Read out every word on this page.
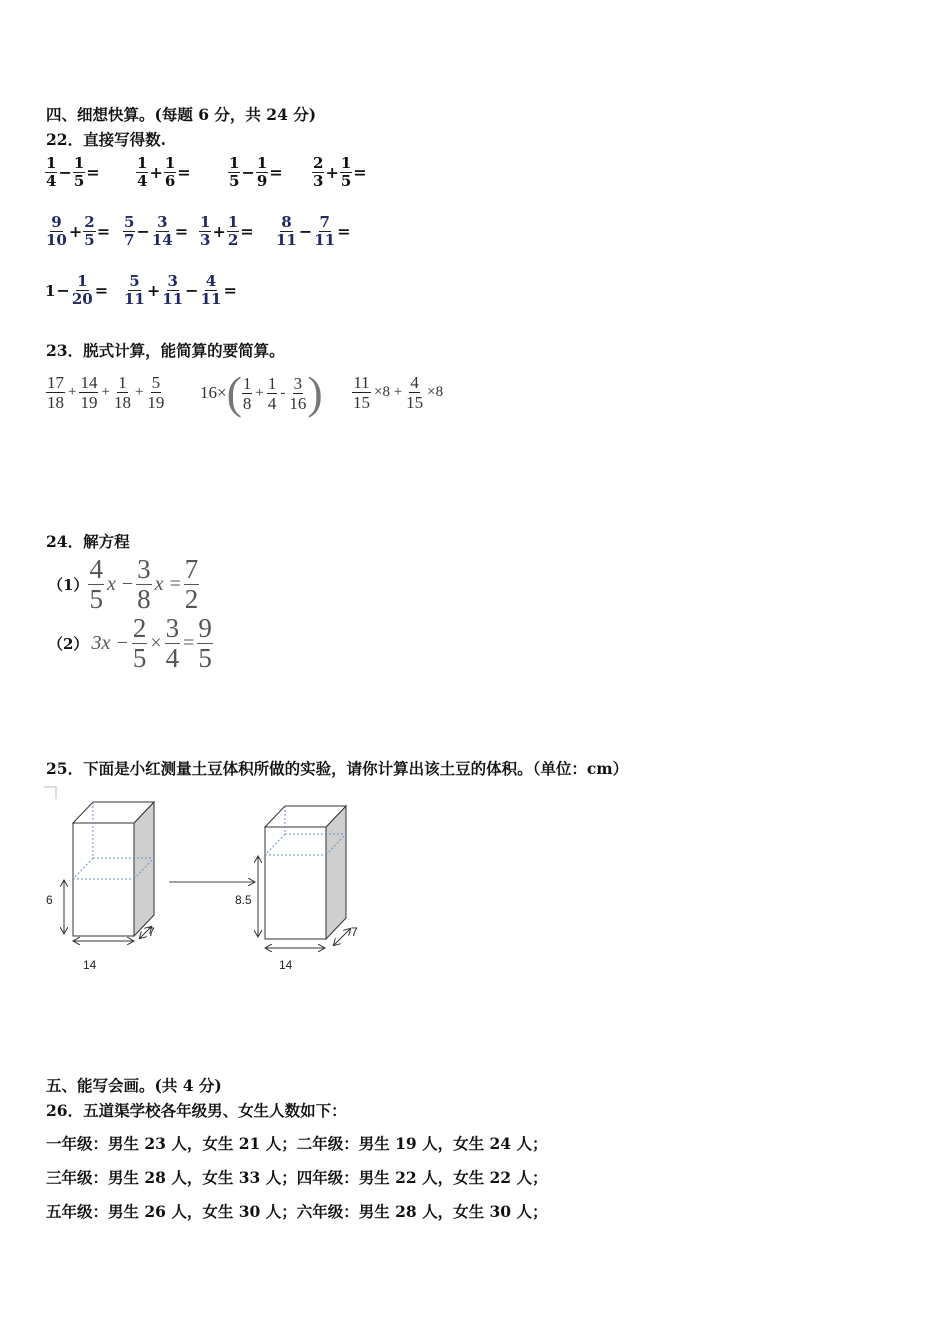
四、细想快算。(每题 6 分，共 24 分)
22．直接写得数.
$\frac{1}{4} - \frac{1}{5} = \frac{1}{4} + \frac{1}{6} = \frac{1}{5} - \frac{1}{9} = \frac{2}{3} + \frac{1}{5}$ =
$\frac{9}{10} + \frac{2}{5} = \frac{5}{7} - \frac{3}{14} = \frac{1}{3} + \frac{1}{2} = \frac{8}{11} - \frac{7}{11}$ =
$1 - \frac{1}{20} = \frac{5}{11} + \frac{3}{11} - \frac{4}{11}$ =
23．脱式计算，能简算的要简算。
$\frac{17}{18} + \frac{14}{19} + \frac{1}{18} + \frac{5}{19} 16\times$ ( $\frac{1}{8} + \frac{1}{4} - \frac{3}{16}$ ) $\frac{11}{15} \times 8 + \frac{4}{15} \times 8$
24．解方程
$(1) \frac{4}{5}$ $x - \frac{3}{8}$ $x = \frac{7}{2}$
（2） $3x - \frac{2}{5} \times \frac{3}{4} = \frac{9}{5}$
25．下面是小红测量土豆体积所做的实验，请你计算出该土豆的体积。（单位：cm）
6
14
7
8.5
14
7
五、能写会画。(共 4 分)
26．五道渠学校各年级男、女生人数如下：
一年级：男生 23 人，女生 21 人；二年级：男生 19 人，女生 24 人；
三年级：男生 28 人，女生 33 人；四年级：男生 22 人，女生 22 人；
五年级：男生 26 人，女生 30 人；六年级：男生 28 人，女生 30 人；
